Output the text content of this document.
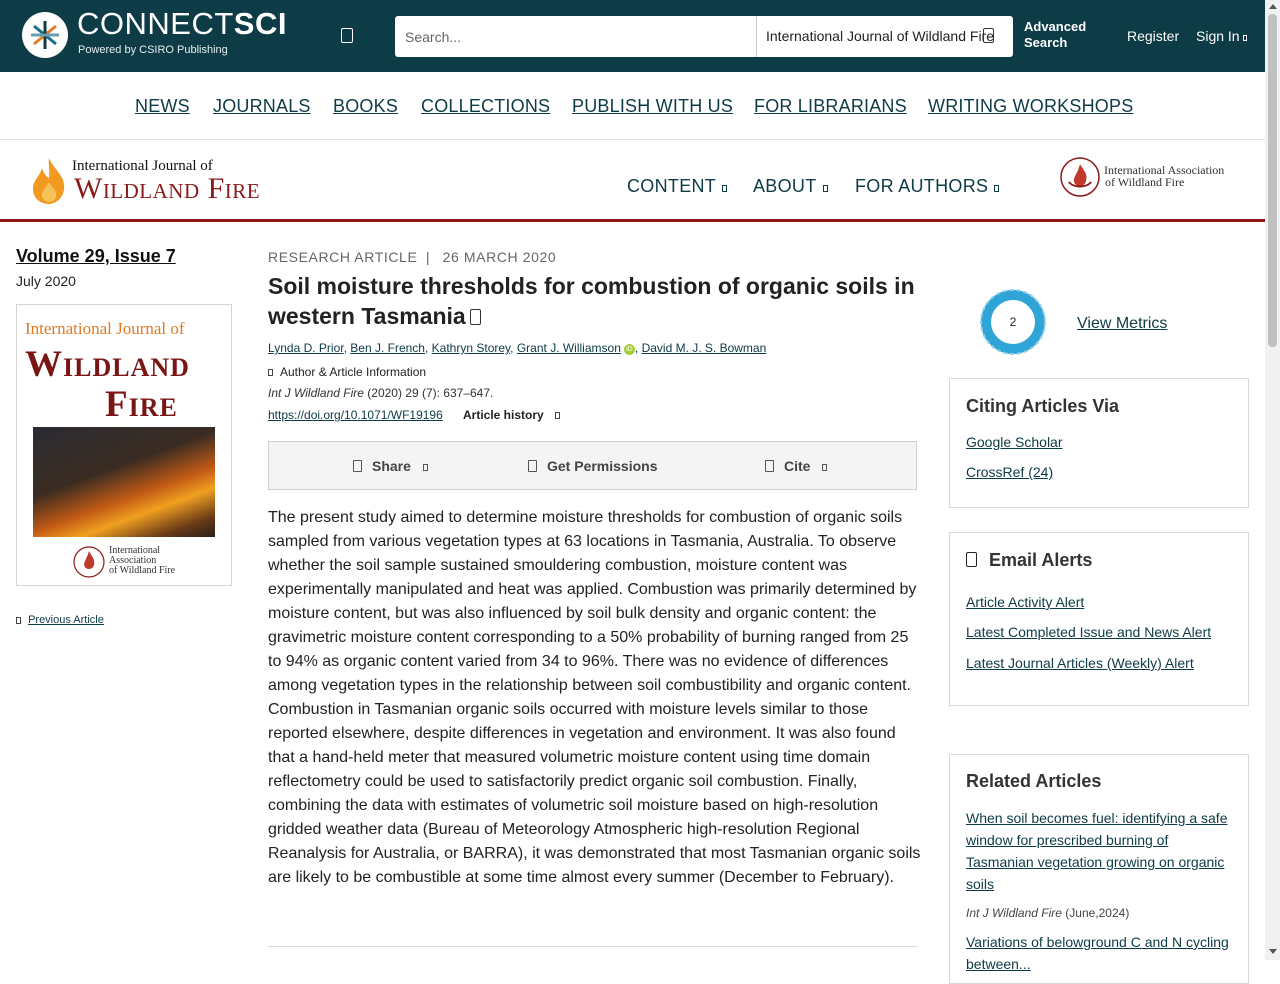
CONNECTSCI
Powered by CSIRO Publishing
Search...
International Journal of Wildland Fire
Advanced Search	Register Sign In
NEWS JOURNALS BOOKS COLLECTIONS PUBLISH WITH US FOR LIBRARIANS WRITING WORKSHOPS
International Journal of
Wildland Fire	CONTENT	ABOUT	FOR AUTHORS
International Association
of Wildland Fire
Volume 29, Issue 7
July 2020
International Journal of
Wildland
Fire
International
Association
of Wildland Fire
Previous Article
RESEARCH ARTICLE | 26 MARCH 2020
Soil moisture thresholds for combustion of organic soils in western Tasmania
Lynda D. Prior, Ben J. French, Kathryn Storey, Grant J. Williamson iD , David M. J. S. Bowman
Author & Article Information
Int J Wildland Fire (2020) 29 (7): 637–647.
https://doi.org/10.1071/WF19196 Article history
Share	Get Permissions	Cite

The present study aimed to determine moisture thresholds for combustion of organic soils sampled from various vegetation types at 63 locations in Tasmania, Australia. To observe whether the soil sample sustained smouldering combustion, moisture content was experimentally manipulated and heat was applied. Combustion was primarily determined by moisture content, but was also influenced by soil bulk density and organic content: the gravimetric moisture content corresponding to a 50% probability of burning ranged from 25 to 94% as organic content varied from 34 to 96%. There was no evidence of differences among vegetation types in the relationship between soil combustibility and organic content. Combustion in Tasmanian organic soils occurred with moisture levels similar to those reported elsewhere, despite differences in vegetation and environment. It was also found that a hand-held meter that measured volumetric moisture content using time domain reflectometry could be used to satisfactorily predict organic soil combustion. Finally, combining the data with estimates of volumetric soil moisture based on high-resolution gridded weather data (Bureau of Meteorology Atmospheric high-resolution Regional Reanalysis for Australia, or BARRA), it was demonstrated that most Tasmanian organic soils are likely to be combustible at some time almost every summer (December to February).

2	View Metrics
Citing Articles Via
Google Scholar
CrossRef (24)
Email Alerts
Article Activity Alert
Latest Completed Issue and News Alert
Latest Journal Articles (Weekly) Alert
Related Articles
When soil becomes fuel: identifying a safe window for prescribed burning of Tasmanian vegetation growing on organic soils
Int J Wildland Fire (June,2024)
Variations of belowground C and N cycling between...
